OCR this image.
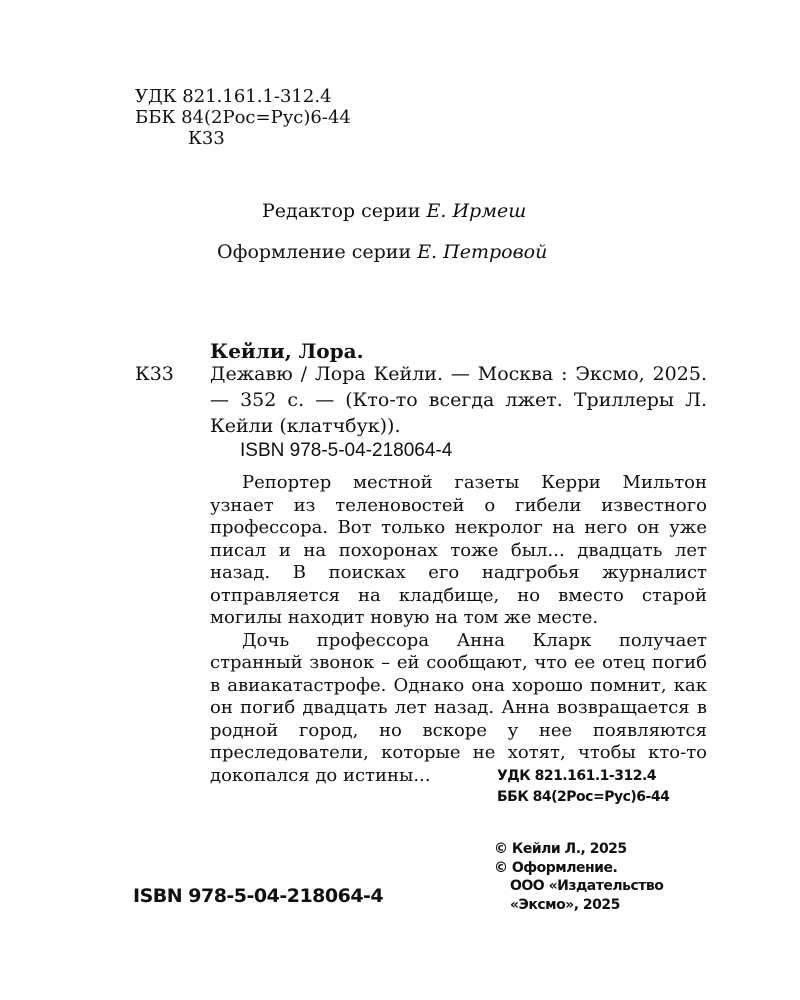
УДК 821.161.1-312.4
ББК 84(2Рос=Рус)6-44
К33
Редактор серии Е. Ирмеш
Оформление серии Е. Петровой
Кейли, Лора.
К33 Дежавю / Лора Кейли. — Москва : Эксмо, 2025. — 352 с. — (Кто-то всегда лжет. Триллеры Л. Кейли (клатчбук)).
ISBN 978-5-04-218064-4

Репортер местной газеты Керри Мильтон узнает из теленовостей о гибели известного профессора. Вот только некролог на него он уже писал и на похоронах тоже был... двадцать лет назад. В поисках его надгробья журналист отправляется на кладбище, но вместо старой могилы находит новую на том же месте.

Дочь профессора Анна Кларк получает странный звонок – ей сообщают, что ее отец погиб в авиакатастрофе. Однако она хорошо помнит, как он погиб двадцать лет назад. Анна возвращается в родной город, но вскоре у нее появляются преследователи, которые не хотят, чтобы кто-то докопался до истины...	УДК 821.161.1-312.4
ББК 84(2Рос=Рус)6-44
© Кейли Л., 2025
© Оформление.
ООО «Издательство
«Эксмо», 2025
ISBN 978-5-04-218064-4
